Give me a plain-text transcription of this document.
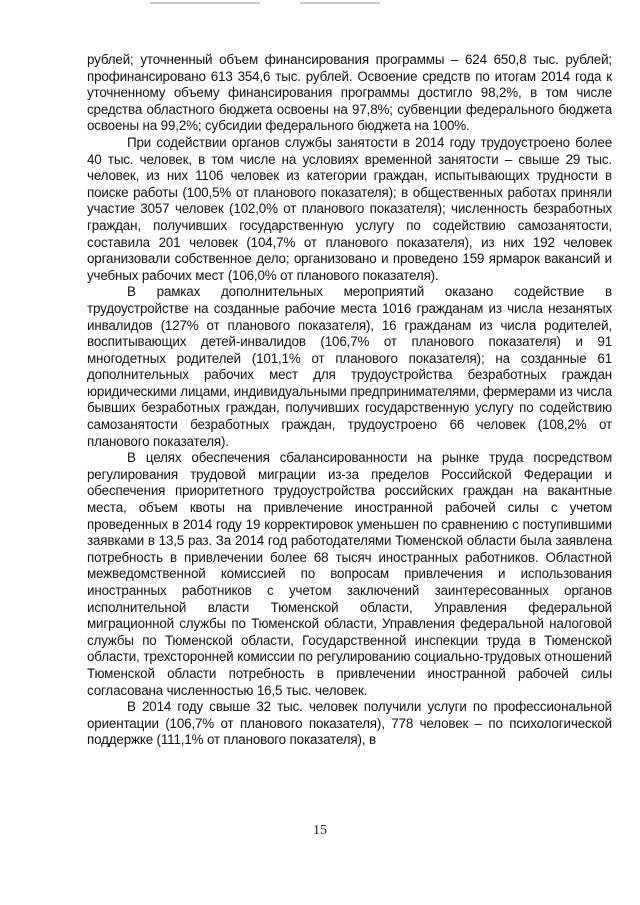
рублей; уточненный объем финансирования программы – 624 650,8 тыс. рублей; профинансировано 613 354,6 тыс. рублей. Освоение средств по итогам 2014 года к уточненному объему финансирования программы достигло 98,2%, в том числе средства областного бюджета освоены на 97,8%; субвенции федерального бюджета освоены на 99,2%; субсидии федерального бюджета на 100%.

При содействии органов службы занятости в 2014 году трудоустроено более 40 тыс. человек, в том числе на условиях временной занятости – свыше 29 тыс. человек, из них 1106 человек из категории граждан, испытывающих трудности в поиске работы (100,5% от планового показателя); в общественных работах приняли участие 3057 человек (102,0% от планового показателя); численность безработных граждан, получивших государственную услугу по содействию самозанятости, составила 201 человек (104,7% от планового показателя), из них 192 человек организовали собственное дело; организовано и проведено 159 ярмарок вакансий и учебных рабочих мест (106,0% от планового показателя).

В рамках дополнительных мероприятий оказано содействие в трудоустройстве на созданные рабочие места 1016 гражданам из числа незанятых инвалидов (127% от планового показателя), 16 гражданам из числа родителей, воспитывающих детей-инвалидов (106,7% от планового показателя) и 91 многодетных родителей (101,1% от планового показателя); на созданные 61 дополнительных рабочих мест для трудоустройства безработных граждан юридическими лицами, индивидуальными предпринимателями, фермерами из числа бывших безработных граждан, получивших государственную услугу по содействию самозанятости безработных граждан, трудоустроено 66 человек (108,2% от планового показателя).

В целях обеспечения сбалансированности на рынке труда посредством регулирования трудовой миграции из-за пределов Российской Федерации и обеспечения приоритетного трудоустройства российских граждан на вакантные места, объем квоты на привлечение иностранной рабочей силы с учетом проведенных в 2014 году 19 корректировок уменьшен по сравнению с поступившими заявками в 13,5 раз. За 2014 год работодателями Тюменской области была заявлена потребность в привлечении более 68 тысяч иностранных работников. Областной межведомственной комиссией по вопросам привлечения и использования иностранных работников с учетом заключений заинтересованных органов исполнительной власти Тюменской области, Управления федеральной миграционной службы по Тюменской области, Управления федеральной налоговой службы по Тюменской области, Государственной инспекции труда в Тюменской области, трехсторонней комиссии по регулированию социально-трудовых отношений Тюменской области потребность в привлечении иностранной рабочей силы согласована численностью 16,5 тыс. человек.

В 2014 году свыше 32 тыс. человек получили услуги по профессиональной ориентации (106,7% от планового показателя), 778 человек – по психологической поддержке (111,1% от планового показателя), в

15
